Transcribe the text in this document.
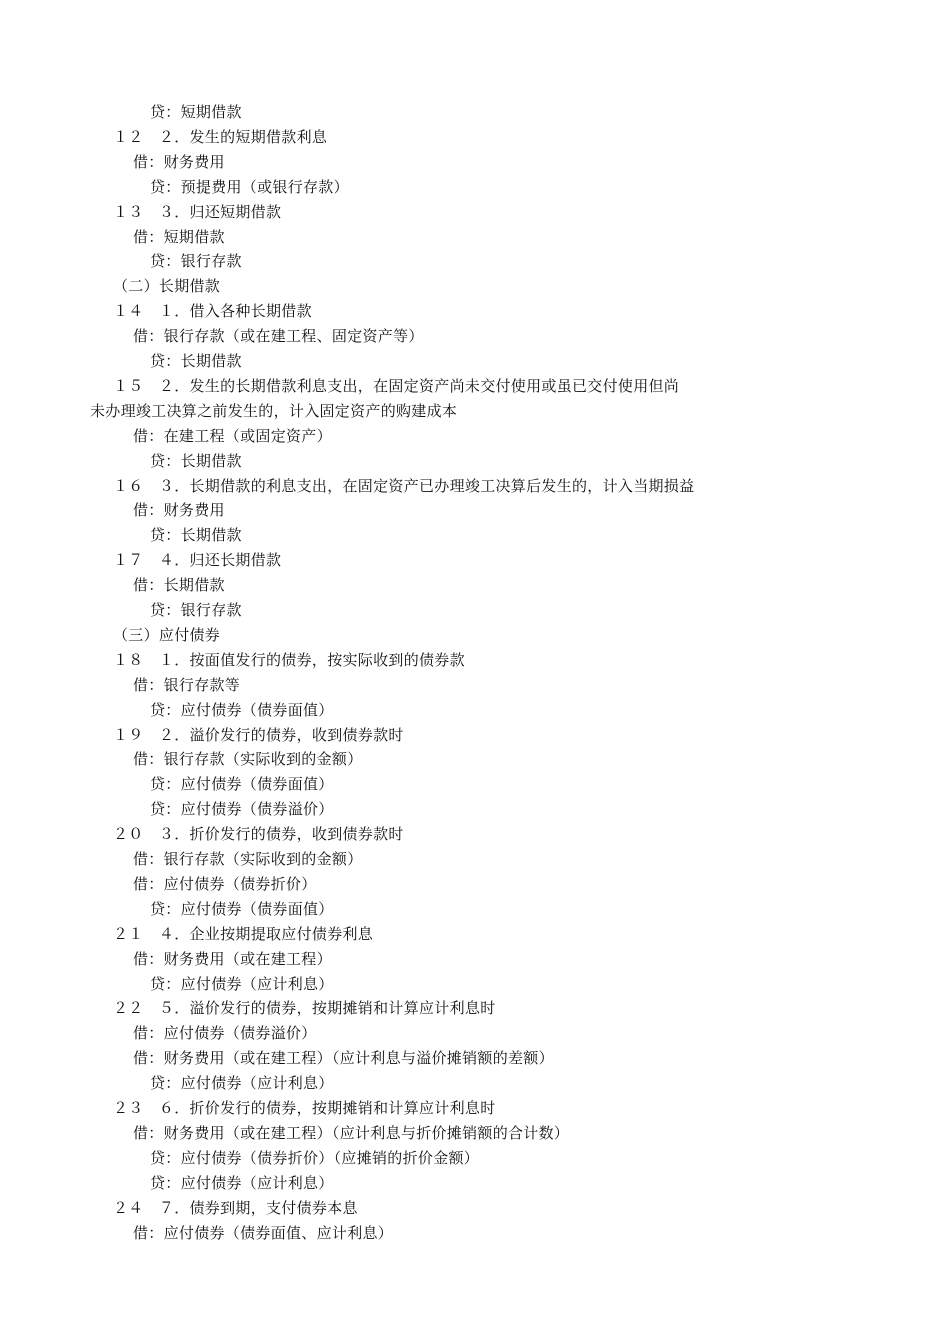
贷：短期借款
１２　２．发生的短期借款利息
借：财务费用
贷：预提费用（或银行存款）
１３　３．归还短期借款
借：短期借款
贷：银行存款
（二）长期借款
１４　１．借入各种长期借款
借：银行存款（或在建工程、固定资产等）
贷：长期借款
１５　２．发生的长期借款利息支出，在固定资产尚未交付使用或虽已交付使用但尚
未办理竣工决算之前发生的，计入固定资产的购建成本
借：在建工程（或固定资产）
贷：长期借款
１６　３．长期借款的利息支出，在固定资产已办理竣工决算后发生的，计入当期损益
借：财务费用
贷：长期借款
１７　４．归还长期借款
借：长期借款
贷：银行存款
（三）应付债券
１８　１．按面值发行的债券，按实际收到的债券款
借：银行存款等
贷：应付债券（债券面值）
１９　２．溢价发行的债券，收到债券款时
借：银行存款（实际收到的金额）
贷：应付债券（债券面值）
贷：应付债券（债券溢价）
２０　３．折价发行的债券，收到债券款时
借：银行存款（实际收到的金额）
借：应付债券（债券折价）
贷：应付债券（债券面值）
２１　４．企业按期提取应付债券利息
借：财务费用（或在建工程）
贷：应付债券（应计利息）
２２　５．溢价发行的债券，按期摊销和计算应计利息时
借：应付债券（债券溢价）
借：财务费用（或在建工程）（应计利息与溢价摊销额的差额）
贷：应付债券（应计利息）
２３　６．折价发行的债券，按期摊销和计算应计利息时
借：财务费用（或在建工程）（应计利息与折价摊销额的合计数）
贷：应付债券（债券折价）（应摊销的折价金额）
贷：应付债券（应计利息）
２４　７．债券到期，支付债券本息
借：应付债券（债券面值、应计利息）
